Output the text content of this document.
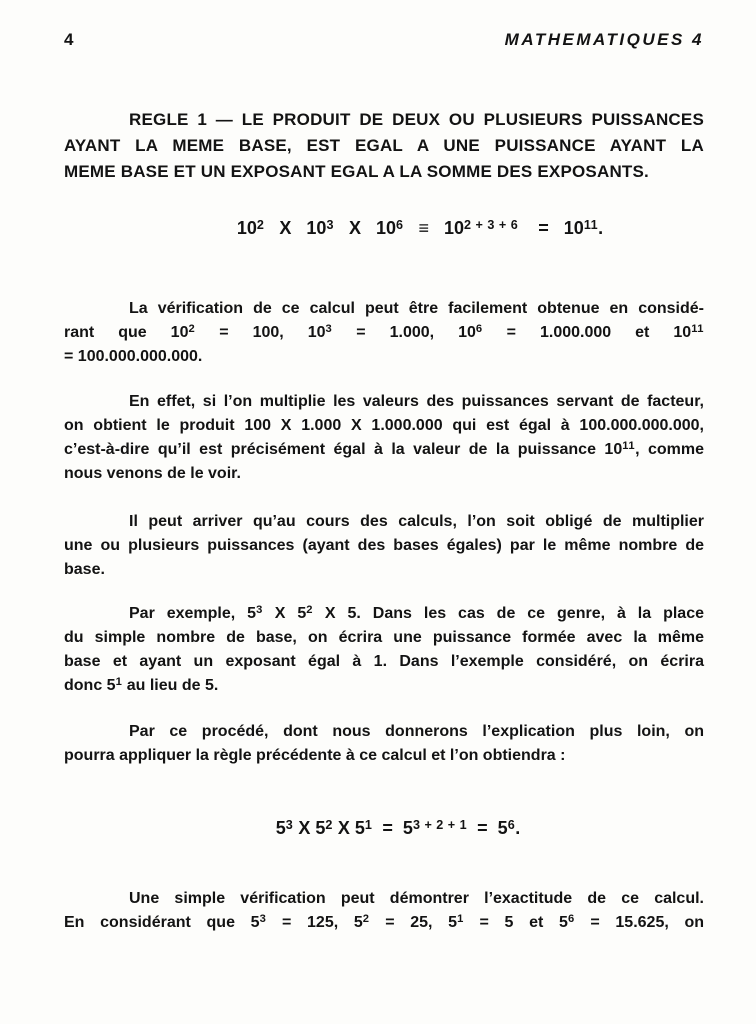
4	MATHEMATIQUES 4
REGLE 1 — LE PRODUIT DE DEUX OU PLUSIEURS PUISSANCES
AYANT LA MEME BASE, EST EGAL A UNE PUISSANCE AYANT LA
MEME BASE ET UN EXPOSANT EGAL A LA SOMME DES EXPOSANTS.
$10^2$   X   $10^3$   X   $10^6 \equiv 10^{2 + 3 + 6}$    =   $10^{11}$.
La vérification de ce calcul peut être facilement obtenue en considé-
rant que $10^2 = 100$, $10^3 = 1.000$, $10^6 = 1.000.000$ et $10^{11}$
= 100.000.000.000.
En effet, si l’on multiplie les valeurs des puissances servant de facteur,
on obtient le produit 100 X 1.000 X 1.000.000 qui est égal à 100.000.000.000,
c’est-à-dire qu’il est précisément égal à la valeur de la puissance $10^{11}$, comme
nous venons de le voir.
Il peut arriver qu’au cours des calculs, l’on soit obligé de multiplier
une ou plusieurs puissances (ayant des bases égales) par le même nombre de
base.
Par exemple, $5^3$ X $5^2$ X 5. Dans les cas de ce genre, à la place
du simple nombre de base, on écrira une puissance formée avec la même
base et ayant un exposant égal à 1. Dans l’exemple considéré, on écrira
donc $5^1$ au lieu de 5.
Par ce procédé, dont nous donnerons l’explication plus loin, on
pourra appliquer la règle précédente à ce calcul et l’on obtiendra :
$5^3$ X $5^2$ X $5^1 = 5^{3 + 2 + 1} = 5^6$.
Une simple vérification peut démontrer l’exactitude de ce calcul.
En considérant que $5^3 = 125$, $5^2 = 25$, $5^1 = 5$ et $5^6 = 15.625$, on
